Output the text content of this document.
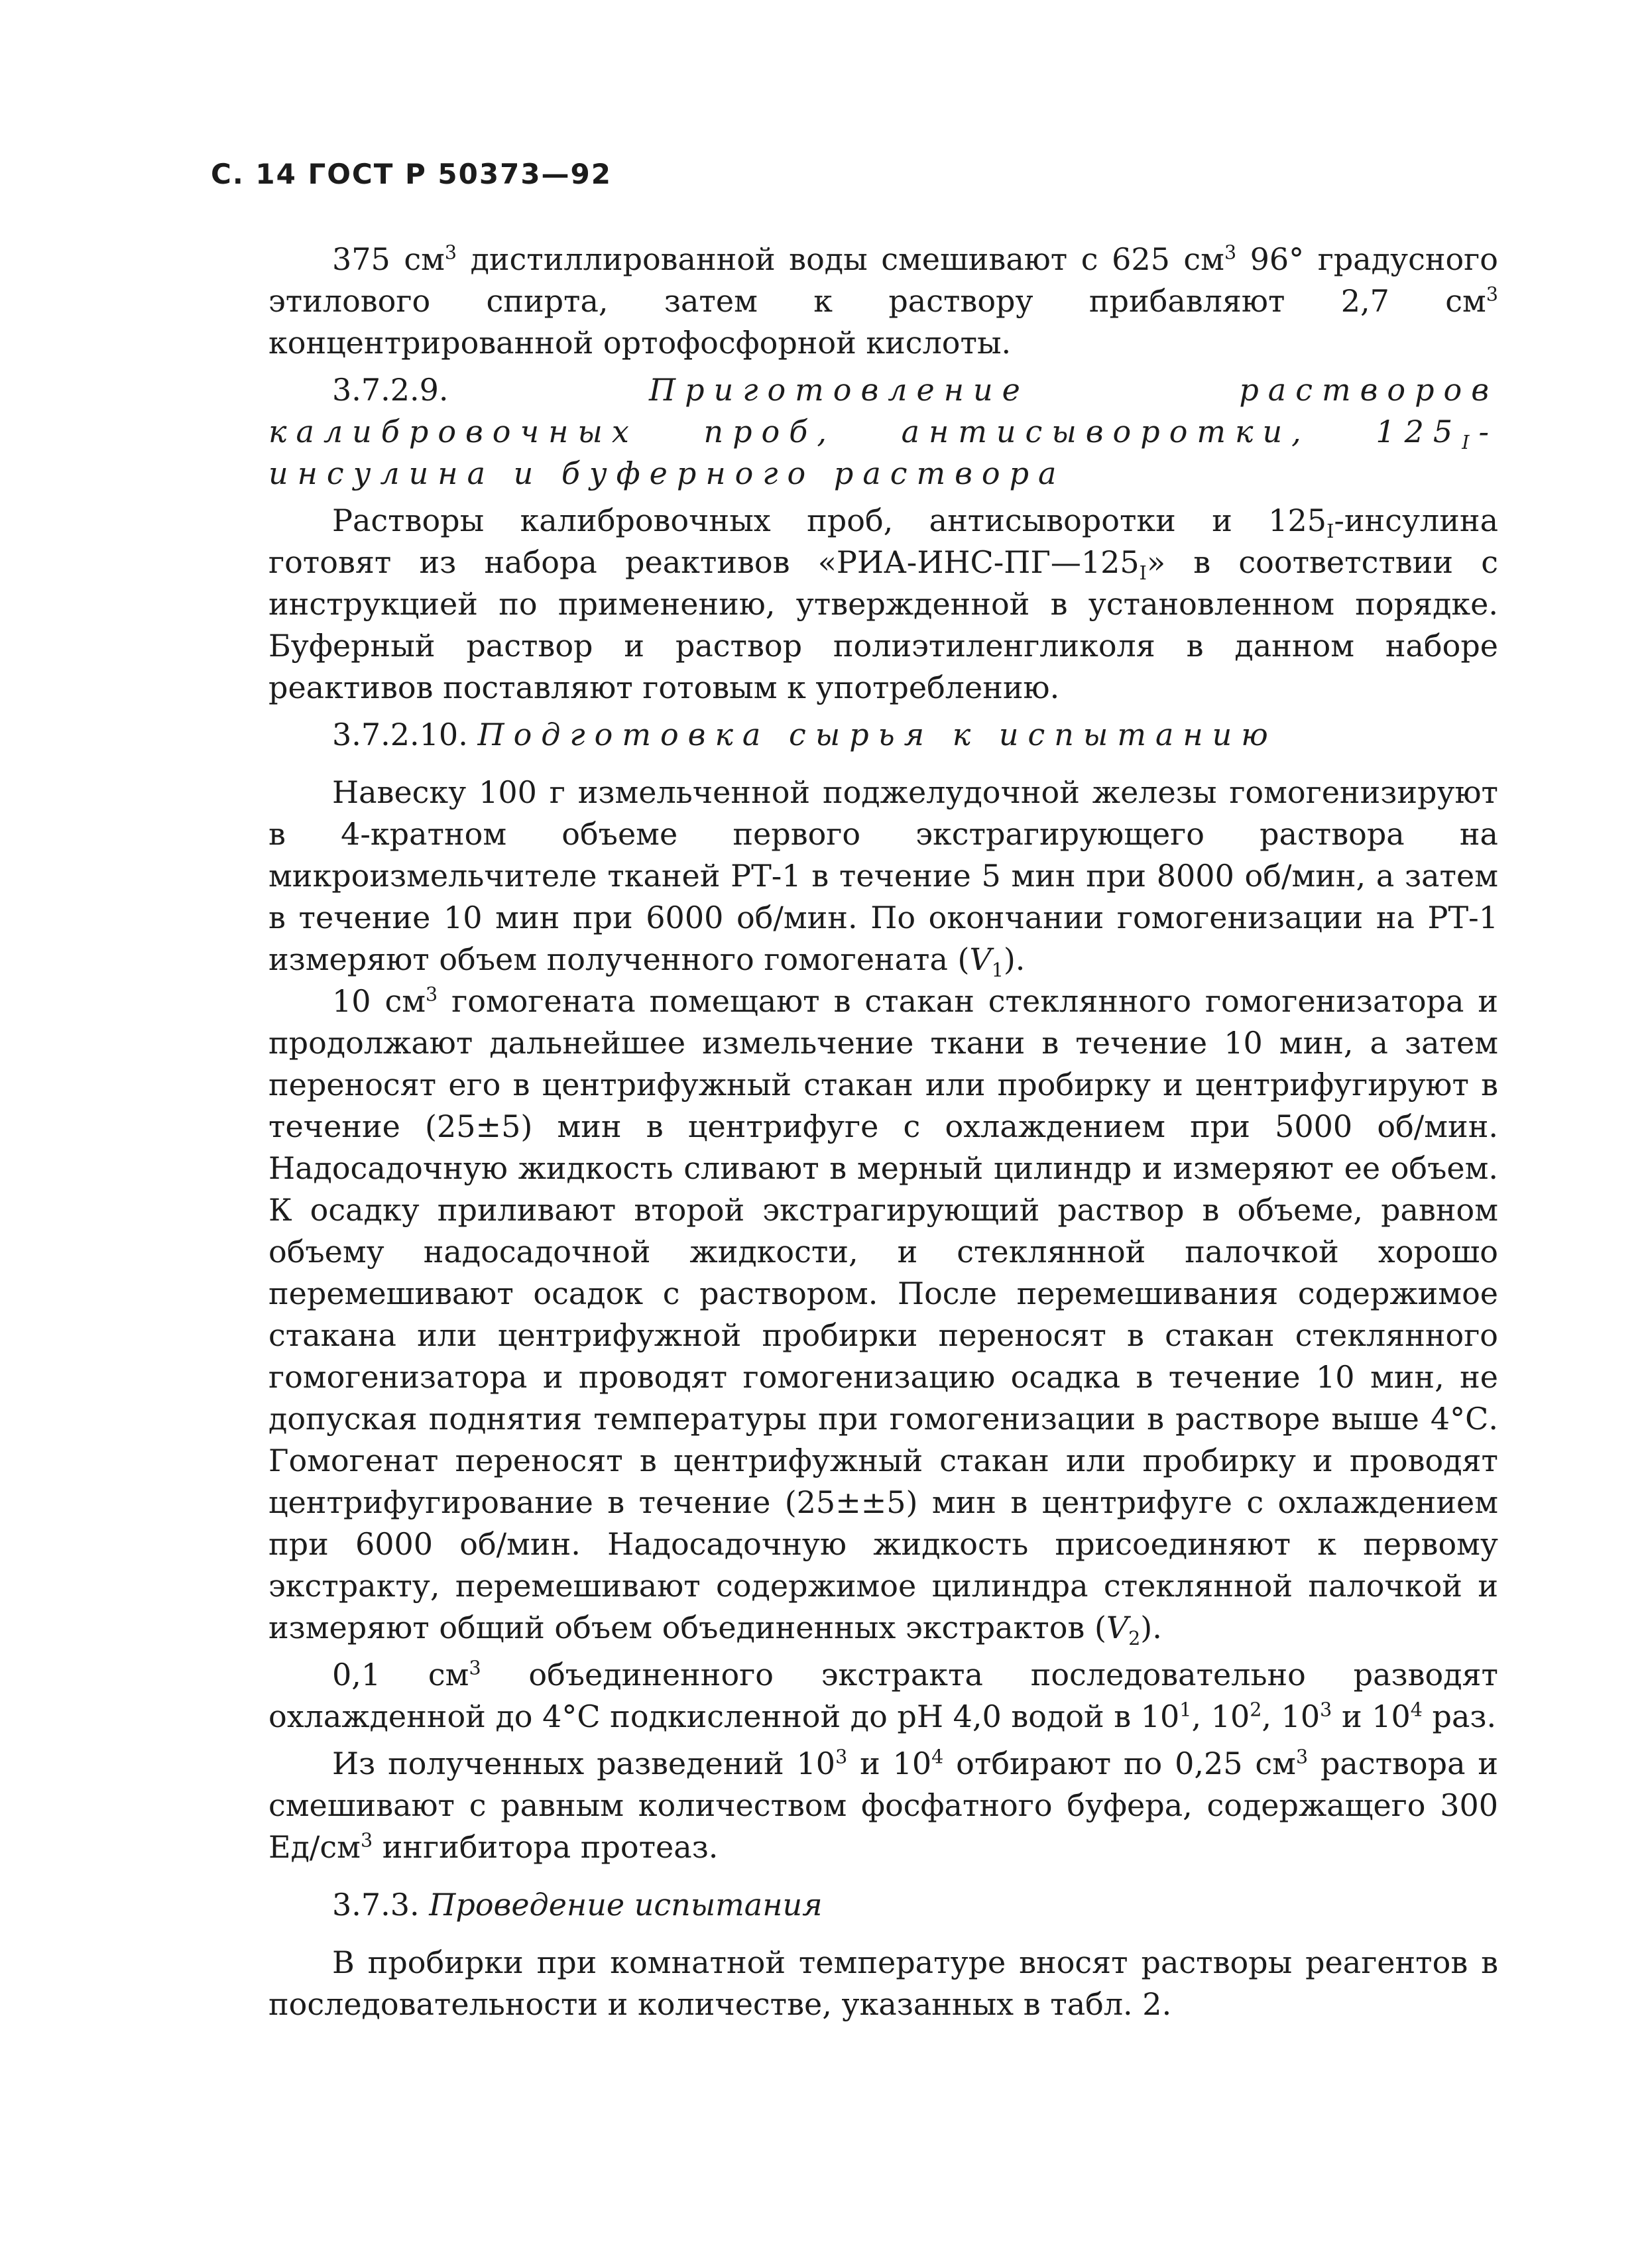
С. 14 ГОСТ Р 50373—92

375 $см^3$ дистиллированной воды смешивают с 625 $см^3$ 96° градусного этилового спирта, затем к раствору прибавляют 2,7 $см^3$ концентрированной ортофосфорной кислоты.

3.7.2.9.	Приготовление растворов калибровочных проб, антисыворотки, $125_I$-инсулина и буферного раствора

Растворы калибровочных проб, антисыворотки и $125_I$-инсулина готовят из набора реактивов «$РИА-ИНС-ПГ—125_I$» в соответствии с инструкцией по применению, утвержденной в установленном порядке. Буферный раствор и раствор полиэтиленгликоля в данном наборе реактивов поставляют готовым к употреблению.

3.7.2.10. Подготовка сырья к испытанию

Навеску 100 г измельченной поджелудочной железы гомогенизируют в 4-кратном объеме первого экстрагирующего раствора на микроизмельчителе тканей РТ-1 в течение 5 мин при 8000 об/мин, а затем в течение 10 мин при 6000 об/мин. По окончании гомогенизации на РТ-1 измеряют объем полученного гомогената $(V_1)$.

10 $см^3$ гомогената помещают в стакан стеклянного гомогенизатора и продолжают дальнейшее измельчение ткани в течение 10 мин, а затем переносят его в центрифужный стакан или пробирку и центрифугируют в течение (25±5) мин в центрифуге с охлаждением при 5000 об/мин. Надосадочную жидкость сливают в мерный цилиндр и измеряют ее объем. К осадку приливают второй экстрагирующий раствор в объеме, равном объему надосадочной жидкости, и стеклянной палочкой хорошо перемешивают осадок с раствором. После перемешивания содержимое стакана или центрифужной пробирки переносят в стакан стеклянного гомогенизатора и проводят гомогенизацию осадка в течение 10 мин, не допуская поднятия температуры при гомогенизации в растворе выше 4°С. Гомогенат переносят в центрифужный стакан или пробирку и проводят центрифугирование в течение (25±±5) мин в центрифуге с охлаждением при 6000 об/мин. Надосадочную жидкость присоединяют к первому экстракту, перемешивают содержимое цилиндра стеклянной палочкой и измеряют общий объем объединенных экстрактов $(V_2)$.

0,1 $см^3$ объединенного экстракта последовательно разводят охлажденной до 4°С подкисленной до рН 4,0 водой в $10^1$, $10^2$, $10^3$ и $10^4$ раз.

Из полученных разведений $10^3$ и $10^4$ отбирают по 0,25 $см^3$ раствора и смешивают с равным количеством фосфатного буфера, содержащего 300 $Ед/см^3$ ингибитора протеаз.

3.7.3. Проведение испытания

В пробирки при комнатной температуре вносят растворы реагентов в последовательности и количестве, указанных в табл. 2.
